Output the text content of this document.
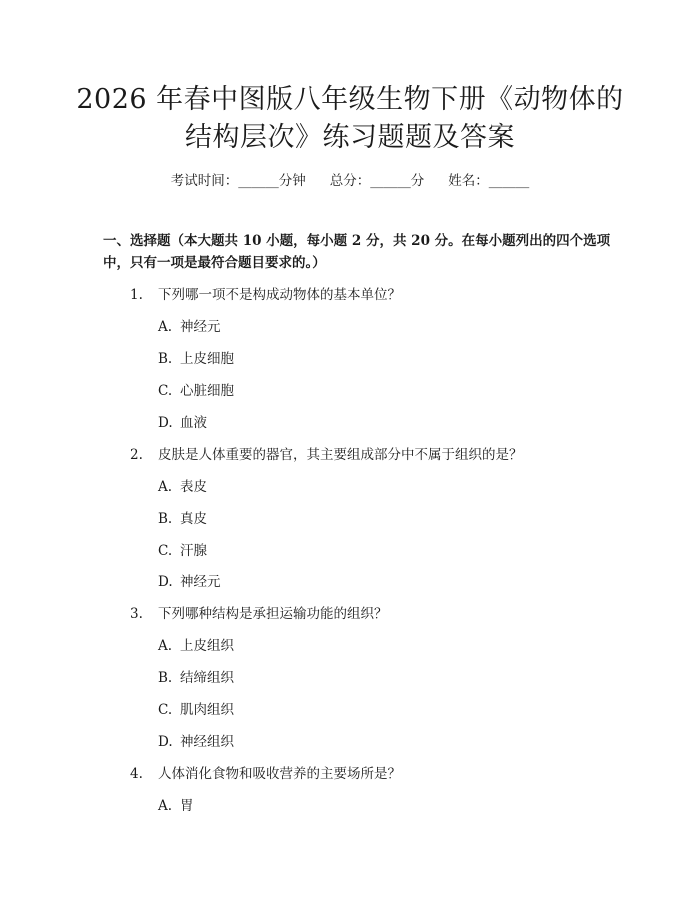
2026 年春中图版八年级生物下册《动物体的
结构层次》练习题题及答案
考试时间：______分钟 总分：______分 姓名：______
一、选择题（本大题共 10 小题，每小题 2 分，共 20 分。在每小题列出的四个选项中，只有一项是最符合题目要求的。）
1. 下列哪一项不是构成动物体的基本单位？
A. 神经元
B. 上皮细胞
C. 心脏细胞
D. 血液
2. 皮肤是人体重要的器官，其主要组成部分中不属于组织的是？
A. 表皮
B. 真皮
C. 汗腺
D. 神经元
3. 下列哪种结构是承担运输功能的组织？
A. 上皮组织
B. 结缔组织
C. 肌肉组织
D. 神经组织
4. 人体消化食物和吸收营养的主要场所是？
A. 胃
